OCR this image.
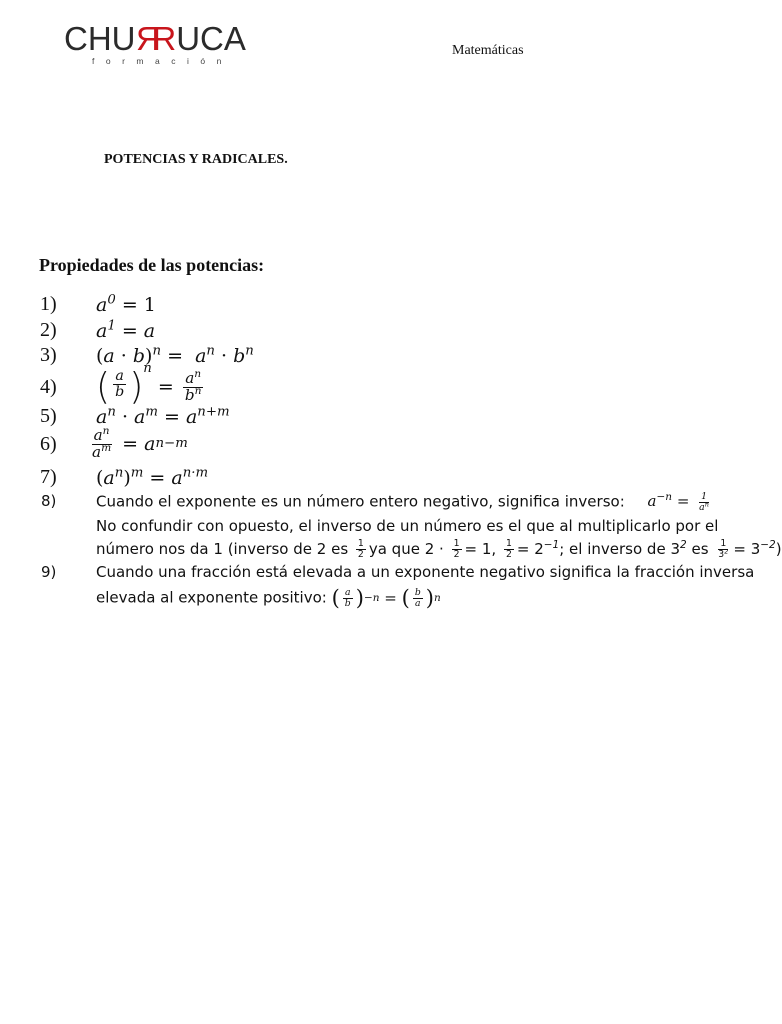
CHURRUCA
formación
Matemáticas
POTENCIAS Y RADICALES.
Propiedades de las potencias:
1)	$a^0 = 1$
2)	$a^1 = a$
3)	$(a \cdot b)^n = a^n \cdot b^n$
4)	( $\frac{a}{b}$ ) n
= $\frac{a^n}{b^n}$
5)	$a^n \cdot a^m = a^{n+m}$
6)	$\frac{a^n}{a^m} = a$ n−m
7)	$(a^n)^m = a^{n\cdot m}$
8)	Cuando el exponente es un número entero negativo, significa inverso: $a^{-n} = \frac{1}{a^n}$
No confundir con opuesto, el inverso de un número es el que al multiplicarlo por el
número nos da 1 (inverso de 2 es $\frac{1}{2}$ ya que $2 \cdot \frac{1}{2} = 1$, $\frac{1}{2} = 2^{-1}$; el inverso de $3^2$ es $\frac{1}{3^2} = 3^{-2}$)
9)	Cuando una fracción está elevada a un exponente negativo significa la fracción inversa
elevada al exponente positivo: ( $\frac{a}{b}$ ) −n = ( $\frac{b}{a}$ ) n
